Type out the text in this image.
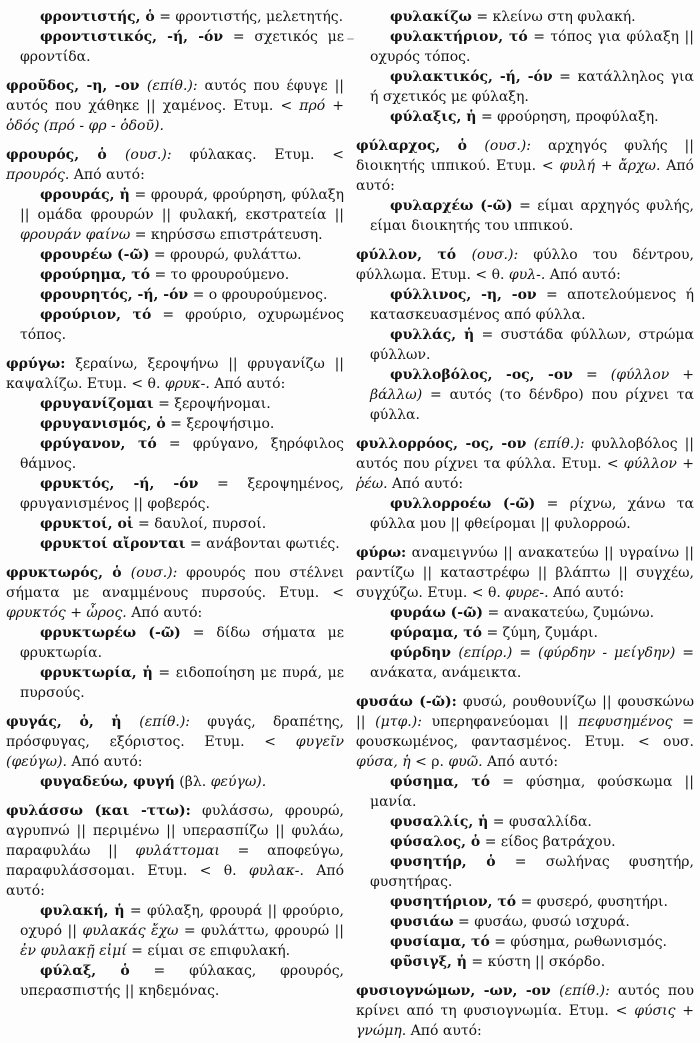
φροντιστής, ὁ = φροντιστής, μελετητής.

φροντιστικός, -ή, -όν = σχετικός με φροντίδα.

φροῦδος, -η, -ον (επίθ.): αυτός που έφυγε || αυτός που χάθηκε || χαμένος. Ετυμ. < πρό + ὁδός (πρό - φρ - ὁδοῦ).

φρουρός, ὁ (ουσ.): φύλακας. Ετυμ. < προυρός. Από αυτό:

φρουράς, ἡ = φρουρά, φρούρηση, φύλαξη || ομάδα φρουρών || φυλακή, εκστρατεία || φρουράν φαίνω = κηρύσσω επιστράτευση.

φρουρέω (-ῶ) = φρουρώ, φυλάττω.

φρούρημα, τό = το φρουρούμενο.

φρουρητός, -ή, -όν = ο φρουρούμενος.

φρούριον, τό = φρούριο, οχυρωμένος τόπος.

φρύγω: ξεραίνω, ξεροψήνω || φρυγανίζω || καψαλίζω. Ετυμ. < θ. φρυκ-. Από αυτό:

φρυγανίζομαι = ξεροψήνομαι.

φρυγανισμός, ὁ = ξεροψήσιμο.

φρύγανον, τό = φρύγανο, ξηρόφιλος θάμνος.

φρυκτός, -ή, -όν = ξεροψημένος, φρυγανισμένος || φοβερός.

φρυκτοί, οἱ = δαυλοί, πυρσοί.

φρυκτοί αἴρονται = ανάβονται φωτιές.

φρυκτωρός, ὁ (ουσ.): φρουρός που στέλνει σήματα με αναμμένους πυρσούς. Ετυμ. < φρυκτός + ὦρος. Από αυτό:

φρυκτωρέω (-ῶ) = δίδω σήματα με φρυκτωρία.

φρυκτωρία, ἡ = ειδοποίηση με πυρά, με πυρσούς.

φυγάς, ὁ, ἡ (επίθ.): φυγάς, δραπέτης, πρόσφυγας, εξόριστος. Ετυμ. < φυγεῖν (φεύγω). Από αυτό:

φυγαδεύω, φυγή (βλ. φεύγω).

φυλάσσω (και -ττω): φυλάσσω, φρουρώ, αγρυπνώ || περιμένω || υπερασπίζω || φυλάω, παραφυλάω || φυλάττομαι = αποφεύγω, παραφυλάσσομαι. Ετυμ. < θ. φυλακ-. Από αυτό:

φυλακή, ἡ = φύλαξη, φρουρά || φρούριο, οχυρό || φυλακάς ἔχω = φυλάττω, φρουρώ || ἐν φυλακῇ εἰμί = είμαι σε επιφυλακή.

φύλαξ, ὁ = φύλακας, φρουρός, υπερασπιστής || κηδεμόνας.

φυλακίζω = κλείνω στη φυλακή.

φυλακτήριον, τό = τόπος για φύλαξη || οχυρός τόπος.

φυλακτικός, -ή, -όν = κατάλληλος για ή σχετικός με φύλαξη.

φύλαξις, ἡ = φρούρηση, προφύλαξη.

φύλαρχος, ὁ (ουσ.): αρχηγός φυλής || διοικητής ιππικού. Ετυμ. < φυλή + ἄρχω. Από αυτό:

φυλαρχέω (-ῶ) = είμαι αρχηγός φυλής, είμαι διοικητής του ιππικού.

φύλλον, τό (ουσ.): φύλλο του δέντρου, φύλλωμα. Ετυμ. < θ. φυλ-. Από αυτό:

φύλλινος, -η, -ον = αποτελούμενος ή κατασκευασμένος από φύλλα.

φυλλάς, ἡ = συστάδα φύλλων, στρώμα φύλλων.

φυλλοβόλος, -ος, -ον = (φύλλον + βάλλω) = αυτός (το δένδρο) που ρίχνει τα φύλλα.

φυλλορρόος, -ος, -ον (επίθ.): φυλλοβόλος || αυτός που ρίχνει τα φύλλα. Ετυμ. < φύλλον + ῥέω. Από αυτό:

φυλλορροέω (-ῶ) = ρίχνω, χάνω τα φύλλα μου || φθείρομαι || φυλορροώ.

φύρω: αναμειγνύω || ανακατεύω || υγραίνω || ραντίζω || καταστρέφω || βλάπτω || συγχέω, συγχύζω. Ετυμ. < θ. φυρε-. Από αυτό:

φυράω (-ῶ) = ανακατεύω, ζυμώνω.

φύραμα, τό = ζύμη, ζυμάρι.

φύρδην (επίρρ.) = (φύρδην - μείγδην) = ανάκατα, ανάμεικτα.

φυσάω (-ῶ): φυσώ, ρουθουνίζω || φουσκώνω || (μτφ.): υπερηφανεύομαι || πεφυσημένος = φουσκωμένος, φαντασμένος. Ετυμ. < ουσ. φύσα, ἡ < ρ. φυῶ. Από αυτό:

φύσημα, τό = φύσημα, φούσκωμα || μανία.

φυσαλλίς, ἡ = φυσαλλίδα.

φύσαλος, ὁ = είδος βατράχου.

φυσητήρ, ὁ = σωλήνας φυσητήρ, φυσητήρας.

φυσητήριον, τό = φυσερό, φυσητήρι.

φυσιάω = φυσάω, φυσώ ισχυρά.

φυσίαμα, τό = φύσημα, ρωθωνισμός.

φῦσιγξ, ἡ = κύστη || σκόρδο.

φυσιογνώμων, -ων, -ον (επίθ.): αυτός που κρίνει από τη φυσιογνωμία. Ετυμ. < φύσις + γνώμη. Από αυτό:
